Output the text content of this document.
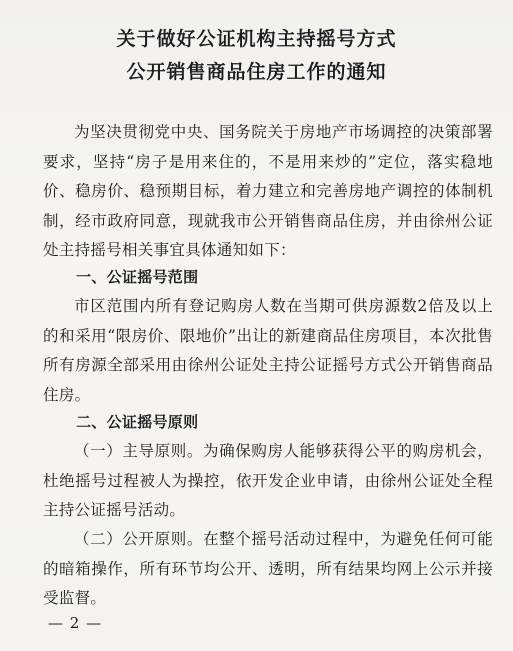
关于做好公证机构主持摇号方式
公开销售商品住房工作的通知
为坚决贯彻党中央、国务院关于房地产市场调控的决策部署要求，坚持“房子是用来住的，不是用来炒的”定位，落实稳地价、稳房价、稳预期目标，着力建立和完善房地产调控的体制机制，经市政府同意，现就我市公开销售商品住房，并由徐州公证处主持摇号相关事宜具体通知如下：
一、公证摇号范围
市区范围内所有登记购房人数在当期可供房源数2倍及以上的和采用“限房价、限地价”出让的新建商品住房项目，本次批售所有房源全部采用由徐州公证处主持公证摇号方式公开销售商品住房。
二、公证摇号原则
（一）主导原则。为确保购房人能够获得公平的购房机会，杜绝摇号过程被人为操控，依开发企业申请，由徐州公证处全程主持公证摇号活动。
（二）公开原则。在整个摇号活动过程中，为避免任何可能的暗箱操作，所有环节均公开、透明，所有结果均网上公示并接受监督。
— 2 —
